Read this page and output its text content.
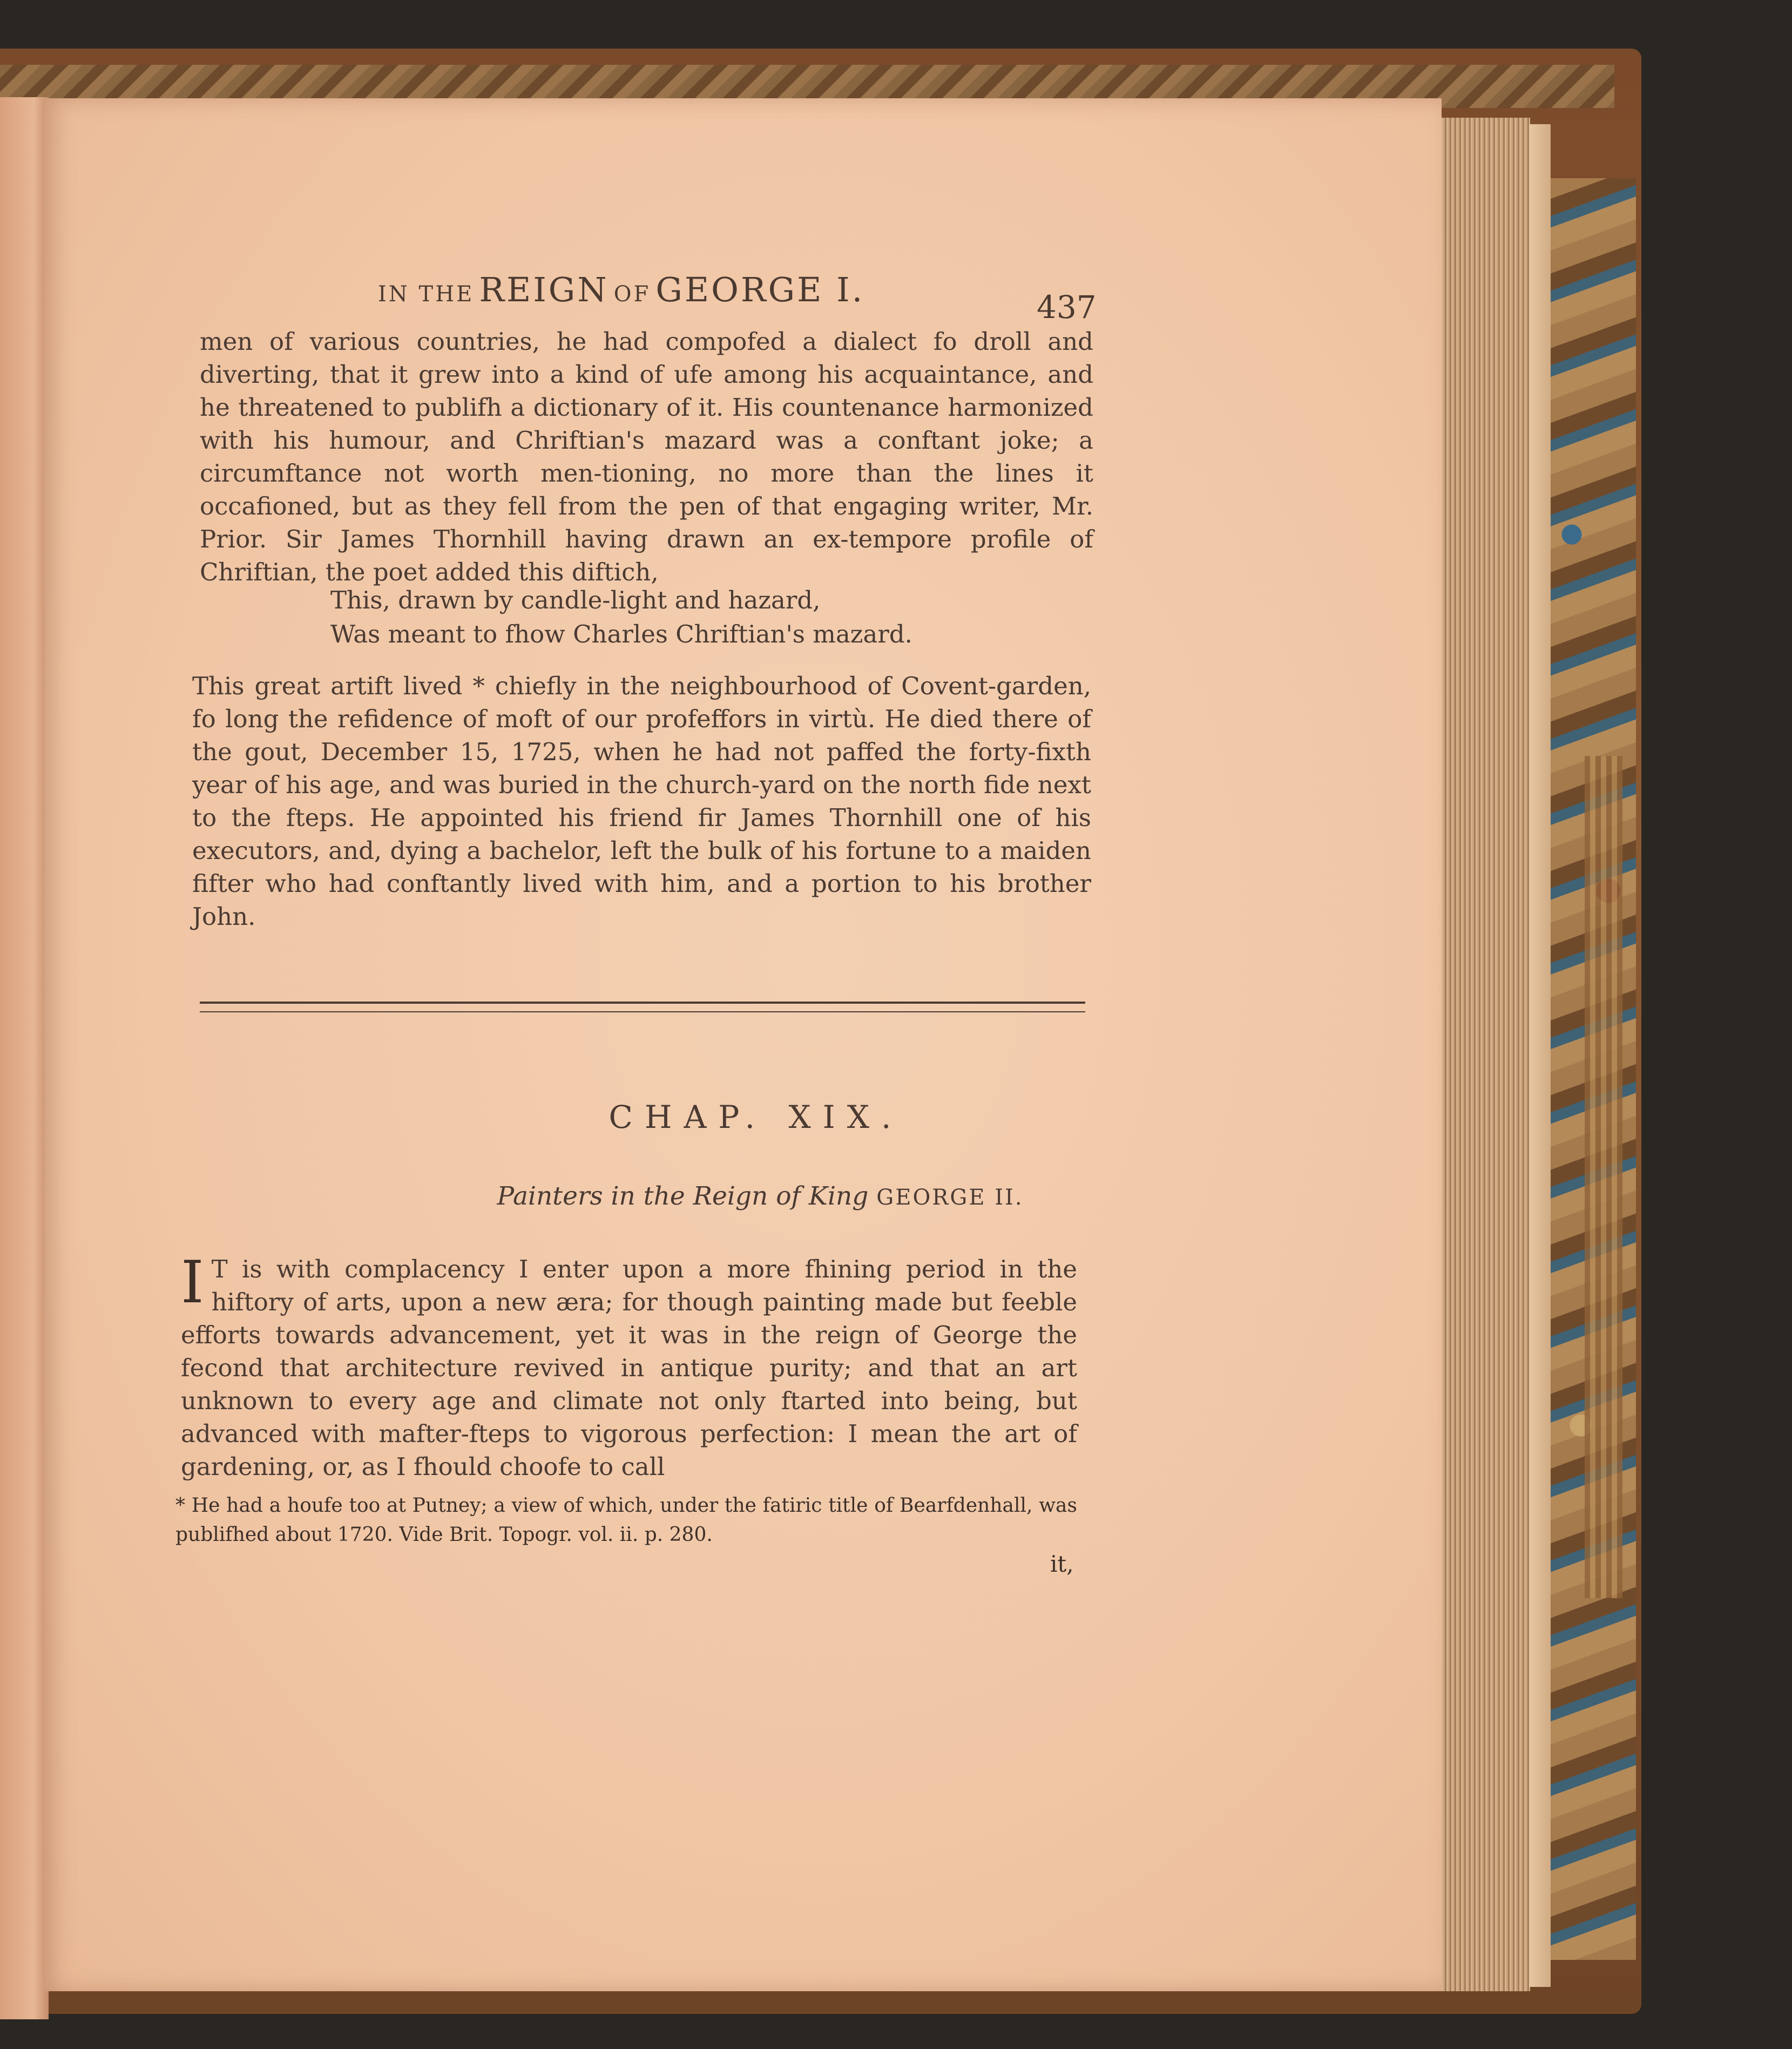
IN THE REIGN OF GEORGE I.	437

men of various countries, he had compofed a dialect fo droll and diverting, that it grew into a kind of ufe among his acquaintance, and he threatened to publifh a dictionary of it. His countenance harmonized with his humour, and Chriftian's mazard was a conftant joke; a circumftance not worth men-tioning, no more than the lines it occafioned, but as they fell from the pen of that engaging writer, Mr. Prior. Sir James Thornhill having drawn an ex-tempore profile of Chriftian, the poet added this diftich,

This, drawn by candle-light and hazard,
Was meant to fhow Charles Chriftian's mazard.

This great artift lived * chiefly in the neighbourhood of Covent-garden, fo long the refidence of moft of our profeffors in virtù. He died there of the gout, December 15, 1725, when he had not paffed the forty-fixth year of his age, and was buried in the church-yard on the north fide next to the fteps. He appointed his friend fir James Thornhill one of his executors, and, dying a bachelor, left the bulk of his fortune to a maiden fifter who had conftantly lived with him, and a portion to his brother John.

CHAP. XIX.
Painters in the Reign of King GEORGE II.

I T is with complacency I enter upon a more fhining period in the hiftory of arts, upon a new æra; for though painting made but feeble efforts towards advancement, yet it was in the reign of George the fecond that architecture revived in antique purity; and that an art unknown to every age and climate not only ftarted into being, but advanced with mafter-fteps to vigorous perfection: I mean the art of gardening, or, as I fhould choofe to call

* He had a houfe too at Putney; a view of which, under the fatiric title of Bearfdenhall, was publifhed about 1720. Vide Brit. Topogr. vol. ii. p. 280.
it,
